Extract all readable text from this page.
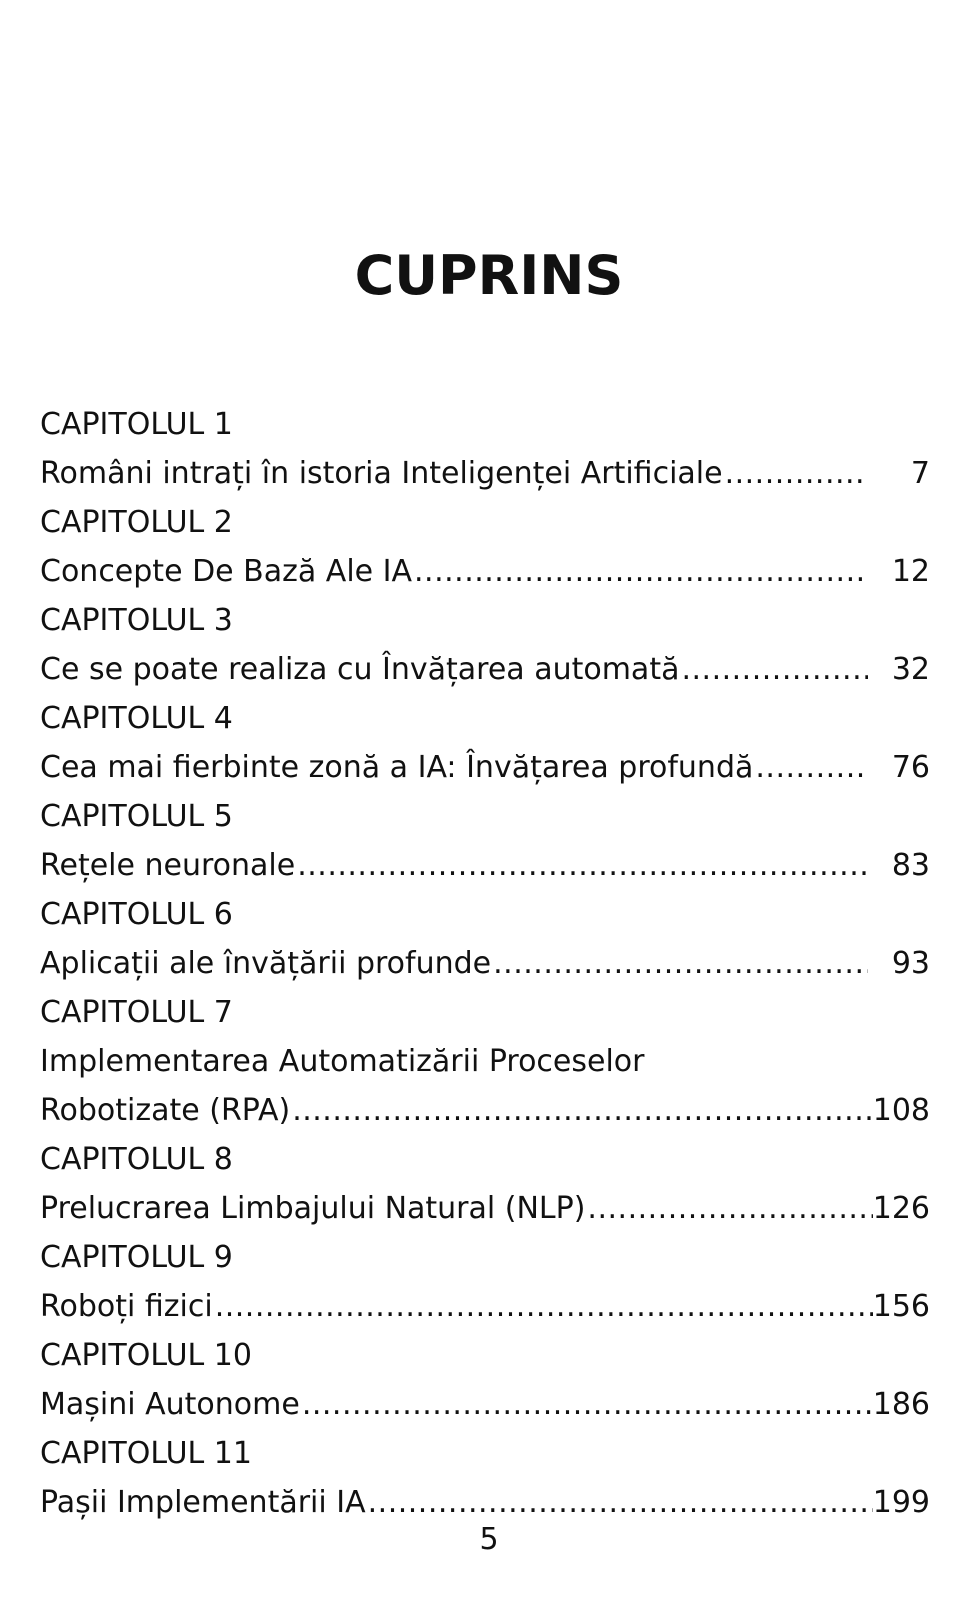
CUPRINS
CAPITOLUL 1
Români intrați în istoria Inteligenței Artificiale .....	7
CAPITOLUL 2
Concepte De Bază Ale IA .....	12
CAPITOLUL 3
Ce se poate realiza cu Învățarea automată .....	32
CAPITOLUL 4
Cea mai fierbinte zonă a IA: Învățarea profundă .....	76
CAPITOLUL 5
Rețele neuronale .....	83
CAPITOLUL 6
Aplicații ale învățării profunde .....	93
CAPITOLUL 7
Implementarea Automatizării Proceselor
Robotizate (RPA) .....	108
CAPITOLUL 8
Prelucrarea Limbajului Natural (NLP) .....	126
CAPITOLUL 9
Roboți fizici .....	156
CAPITOLUL 10
Mașini Autonome .....	186
CAPITOLUL 11
Pașii Implementării IA .....	199
5
